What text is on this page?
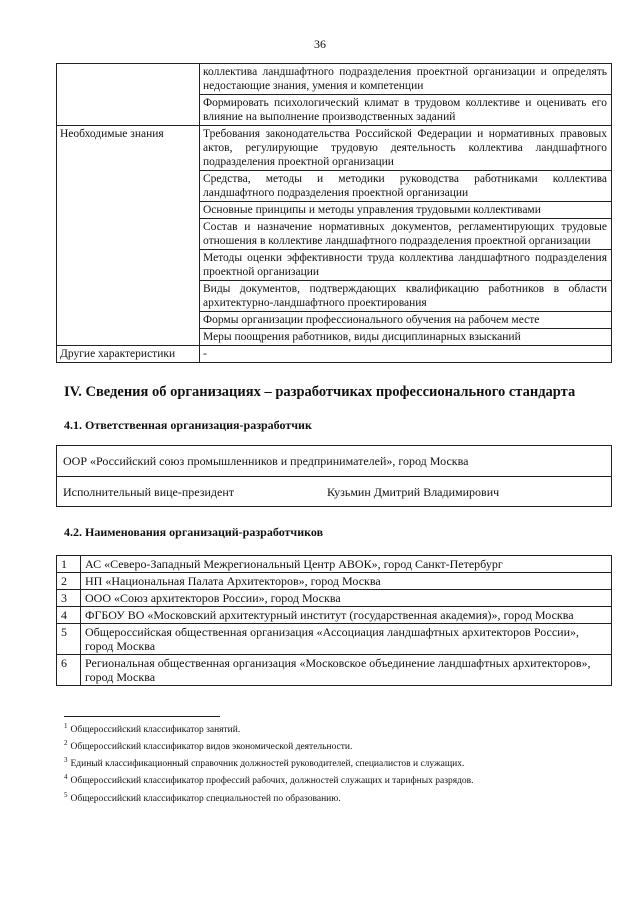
36
	коллектива ландшафтного подразделения проектной организации и определять недостающие знания, умения и компетенции
	Формировать психологический климат в трудовом коллективе и оценивать его влияние на выполнение производственных заданий
Необходимые знания	Требования законодательства Российской Федерации и нормативных правовых актов, регулирующие трудовую деятельность коллектива ландшафтного подразделения проектной организации
	Средства, методы и методики руководства работниками коллектива ландшафтного подразделения проектной организации
	Основные принципы и методы управления трудовыми коллективами
	Состав и назначение нормативных документов, регламентирующих трудовые отношения в коллективе ландшафтного подразделения проектной организации
	Методы оценки эффективности труда коллектива ландшафтного подразделения проектной организации
	Виды документов, подтверждающих квалификацию работников в области архитектурно-ландшафтного проектирования
	Формы организации профессионального обучения на рабочем месте
	Меры поощрения работников, виды дисциплинарных взысканий
Другие характеристики	-
IV. Сведения об организациях – разработчиках профессионального стандарта
4.1. Ответственная организация-разработчик
ООР «Российский союз промышленников и предпринимателей», город Москва
Исполнительный вице-президент	Кузьмин Дмитрий Владимирович
4.2. Наименования организаций-разработчиков
1	АС «Северо-Западный Межрегиональный Центр АВОК», город Санкт-Петербург
2	НП «Национальная Палата Архитекторов», город Москва
3	ООО «Союз архитекторов России», город Москва
4	ФГБОУ ВО «Московский архитектурный институт (государственная академия)», город Москва
5	Общероссийская общественная организация «Ассоциация ландшафтных архитекторов России», город Москва
6	Региональная общественная организация «Московское объединение ландшафтных архитекторов», город Москва
$^1$ Общероссийский классификатор занятий.
$^2$ Общероссийский классификатор видов экономической деятельности.
$^3$ Единый классификационный справочник должностей руководителей, специалистов и служащих.
$^4$ Общероссийский классификатор профессий рабочих, должностей служащих и тарифных разрядов.
$^5$ Общероссийский классификатор специальностей по образованию.
